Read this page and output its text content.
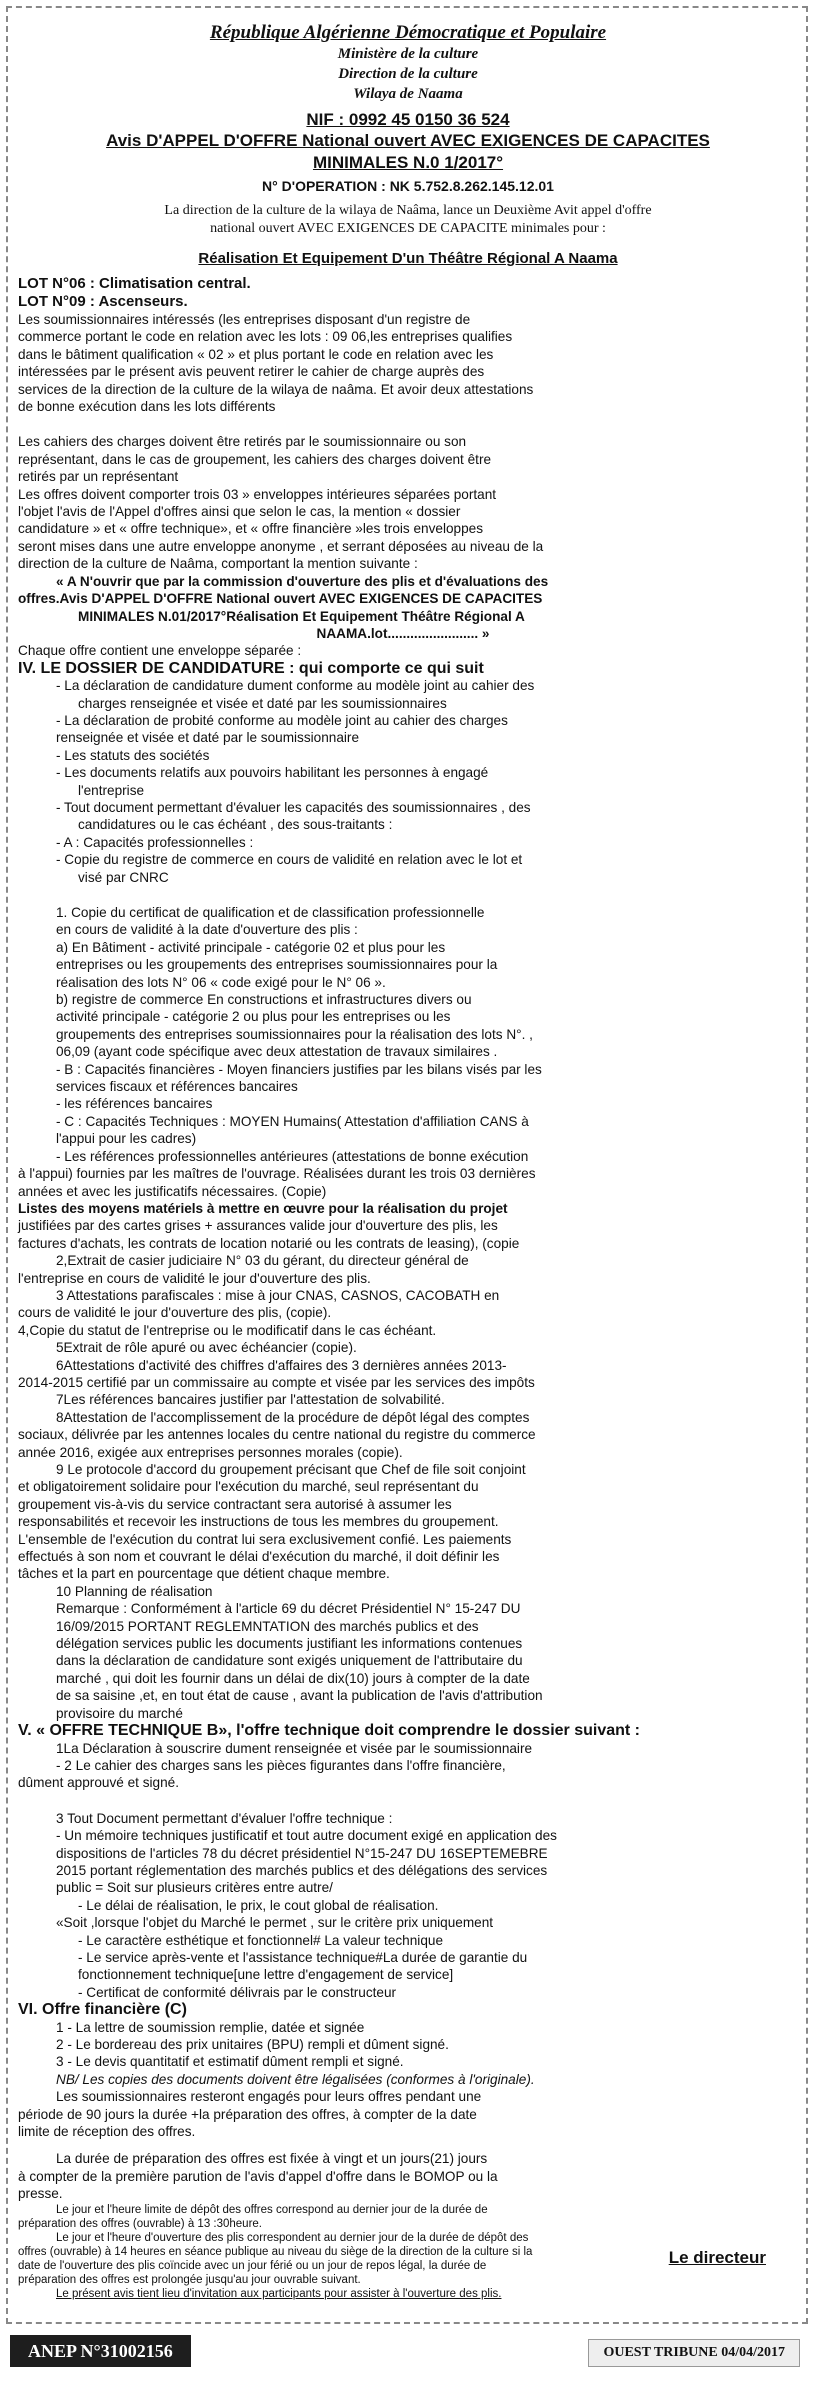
République Algérienne Démocratique et Populaire
Ministère de la culture
Direction de la culture
Wilaya de Naama
NIF : 0992 45 0150 36 524
Avis D'APPEL D'OFFRE National ouvert AVEC EXIGENCES DE CAPACITES
MINIMALES N.0 1/2017°
N° D'OPERATION : NK 5.752.8.262.145.12.01
La direction de la culture de la wilaya de Naâma, lance un Deuxième Avit appel d'offre
national ouvert AVEC EXIGENCES DE CAPACITE minimales pour :
Réalisation Et Equipement D'un Théâtre Régional A Naama
LOT N°06 : Climatisation central.
LOT N°09 : Ascenseurs.
Les soumissionnaires intéressés (les entreprises disposant d'un registre de
commerce portant le code en relation avec les lots : 09 06,les entreprises qualifies
dans le bâtiment qualification « 02 » et plus portant le code en relation avec les
intéressées par le présent avis peuvent retirer le cahier de charge auprès des
services de la direction de la culture de la wilaya de naâma. Et avoir deux attestations
de bonne exécution dans les lots différents
Les cahiers des charges doivent être retirés par le soumissionnaire ou son
représentant, dans le cas de groupement, les cahiers des charges doivent être
retirés par un représentant
Les offres doivent comporter trois 03 » enveloppes intérieures séparées portant
l'objet l'avis de l'Appel d'offres ainsi que selon le cas, la mention « dossier
candidature » et « offre technique», et « offre financière »les trois enveloppes
seront mises dans une autre enveloppe anonyme , et serrant déposées au niveau de la
direction de la culture de Naâma, comportant la mention suivante :
« A N'ouvrir que par la commission d'ouverture des plis et d'évaluations des
offres.Avis D'APPEL D'OFFRE National ouvert AVEC EXIGENCES DE CAPACITES
MINIMALES N.01/2017°Réalisation Et Equipement Théâtre Régional A
NAAMA.lot........................ »
Chaque offre contient une enveloppe séparée :
IV. LE DOSSIER DE CANDIDATURE : qui comporte ce qui suit
- La déclaration de candidature dument conforme au modèle joint au cahier des
charges renseignée et visée et daté par les soumissionnaires
- La déclaration de probité conforme au modèle joint au cahier des charges
renseignée et visée et daté par le soumissionnaire
- Les statuts des sociétés
- Les documents relatifs aux pouvoirs habilitant les personnes à engagé
l'entreprise
- Tout document permettant d'évaluer les capacités des soumissionnaires , des
candidatures ou le cas échéant , des sous-traitants :
- A : Capacités professionnelles :
- Copie du registre de commerce en cours de validité en relation avec le lot et
visé par CNRC
1. Copie du certificat de qualification et de classification professionnelle
en cours de validité à la date d'ouverture des plis :
a) En Bâtiment - activité principale - catégorie 02 et plus pour les
entreprises ou les groupements des entreprises soumissionnaires pour la
réalisation des lots N° 06 « code exigé pour le N° 06 ».
b) registre de commerce En constructions et infrastructures divers ou
activité principale - catégorie 2 ou plus pour les entreprises ou les
groupements des entreprises soumissionnaires pour la réalisation des lots N°. ,
06,09 (ayant code spécifique avec deux attestation de travaux similaires .
- B : Capacités financières - Moyen financiers justifies par les bilans visés par les
services fiscaux et références bancaires
- les références bancaires
- C : Capacités Techniques : MOYEN Humains( Attestation d'affiliation CANS à
l'appui pour les cadres)
- Les références professionnelles antérieures (attestations de bonne exécution
à l'appui) fournies par les maîtres de l'ouvrage. Réalisées durant les trois 03 dernières
années et avec les justificatifs nécessaires. (Copie)
Listes des moyens matériels à mettre en œuvre pour la réalisation du projet
justifiées par des cartes grises + assurances valide jour d'ouverture des plis, les
factures d'achats, les contrats de location notarié ou les contrats de leasing), (copie
2,Extrait de casier judiciaire N° 03 du gérant, du directeur général de
l'entreprise en cours de validité le jour d'ouverture des plis.
3 Attestations parafiscales : mise à jour CNAS, CASNOS, CACOBATH en
cours de validité le jour d'ouverture des plis, (copie).
4,Copie du statut de l'entreprise ou le modificatif dans le cas échéant.
5Extrait de rôle apuré ou avec échéancier (copie).
6Attestations d'activité des chiffres d'affaires des 3 dernières années 2013-
2014-2015 certifié par un commissaire au compte et visée par les services des impôts
7Les références bancaires justifier par l'attestation de solvabilité.
8Attestation de l'accomplissement de la procédure de dépôt légal des comptes
sociaux, délivrée par les antennes locales du centre national du registre du commerce
année 2016, exigée aux entreprises personnes morales (copie).
9 Le protocole d'accord du groupement précisant que Chef de file soit conjoint
et obligatoirement solidaire pour l'exécution du marché, seul représentant du
groupement vis-à-vis du service contractant sera autorisé à assumer les
responsabilités et recevoir les instructions de tous les membres du groupement.
L'ensemble de l'exécution du contrat lui sera exclusivement confié. Les paiements
effectués à son nom et couvrant le délai d'exécution du marché, il doit définir les
tâches et la part en pourcentage que détient chaque membre.
10 Planning de réalisation
Remarque : Conformément à l'article 69 du décret Présidentiel N° 15-247 DU
16/09/2015 PORTANT REGLEMNTATION des marchés publics et des
délégation services public les documents justifiant les informations contenues
dans la déclaration de candidature sont exigés uniquement de l'attributaire du
marché , qui doit les fournir dans un délai de dix(10) jours à compter de la date
de sa saisine ,et, en tout état de cause , avant la publication de l'avis d'attribution
provisoire du marché
V. « OFFRE TECHNIQUE B», l'offre technique doit comprendre le dossier suivant :
1La Déclaration à souscrire dument renseignée et visée par le soumissionnaire
- 2 Le cahier des charges sans les pièces figurantes dans l'offre financière,
dûment approuvé et signé.
3 Tout Document permettant d'évaluer l'offre technique :
- Un mémoire techniques justificatif et tout autre document exigé en application des
dispositions de l'articles 78 du décret présidentiel N°15-247 DU 16SEPTEMEBRE
2015 portant réglementation des marchés publics et des délégations des services
public = Soit sur plusieurs critères entre autre/
- Le délai de réalisation, le prix, le cout global de réalisation.
«Soit ,lorsque l'objet du Marché le permet , sur le critère prix uniquement
- Le caractère esthétique et fonctionnel# La valeur technique
- Le service après-vente et l'assistance technique#La durée de garantie du
fonctionnement technique[une lettre d'engagement de service]
- Certificat de conformité délivrais par le constructeur
VI. Offre financière (C)
1 - La lettre de soumission remplie, datée et signée
2 - Le bordereau des prix unitaires (BPU) rempli et dûment signé.
3 - Le devis quantitatif et estimatif dûment rempli et signé.
NB/ Les copies des documents doivent être légalisées (conformes à l'originale).
Les soumissionnaires resteront engagés pour leurs offres pendant une
période de 90 jours la durée +la préparation des offres, à compter de la date
limite de réception des offres.
La durée de préparation des offres est fixée à vingt et un jours(21) jours
à compter de la première parution de l'avis d'appel d'offre dans le BOMOP ou la
presse.
Le jour et l'heure limite de dépôt des offres correspond au dernier jour de la durée de
préparation des offres (ouvrable) à 13 :30heure.
Le jour et l'heure d'ouverture des plis correspondent au dernier jour de la durée de dépôt des
offres (ouvrable) à 14 heures en séance publique au niveau du siège de la direction de la culture si la
date de l'ouverture des plis coïncide avec un jour férié ou un jour de repos légal, la durée de
préparation des offres est prolongée jusqu'au jour ouvrable suivant.
Le présent avis tient lieu d'invitation aux participants pour assister à l'ouverture des plis.
Le directeur
ANEP N°31002156	OUEST TRIBUNE 04/04/2017
